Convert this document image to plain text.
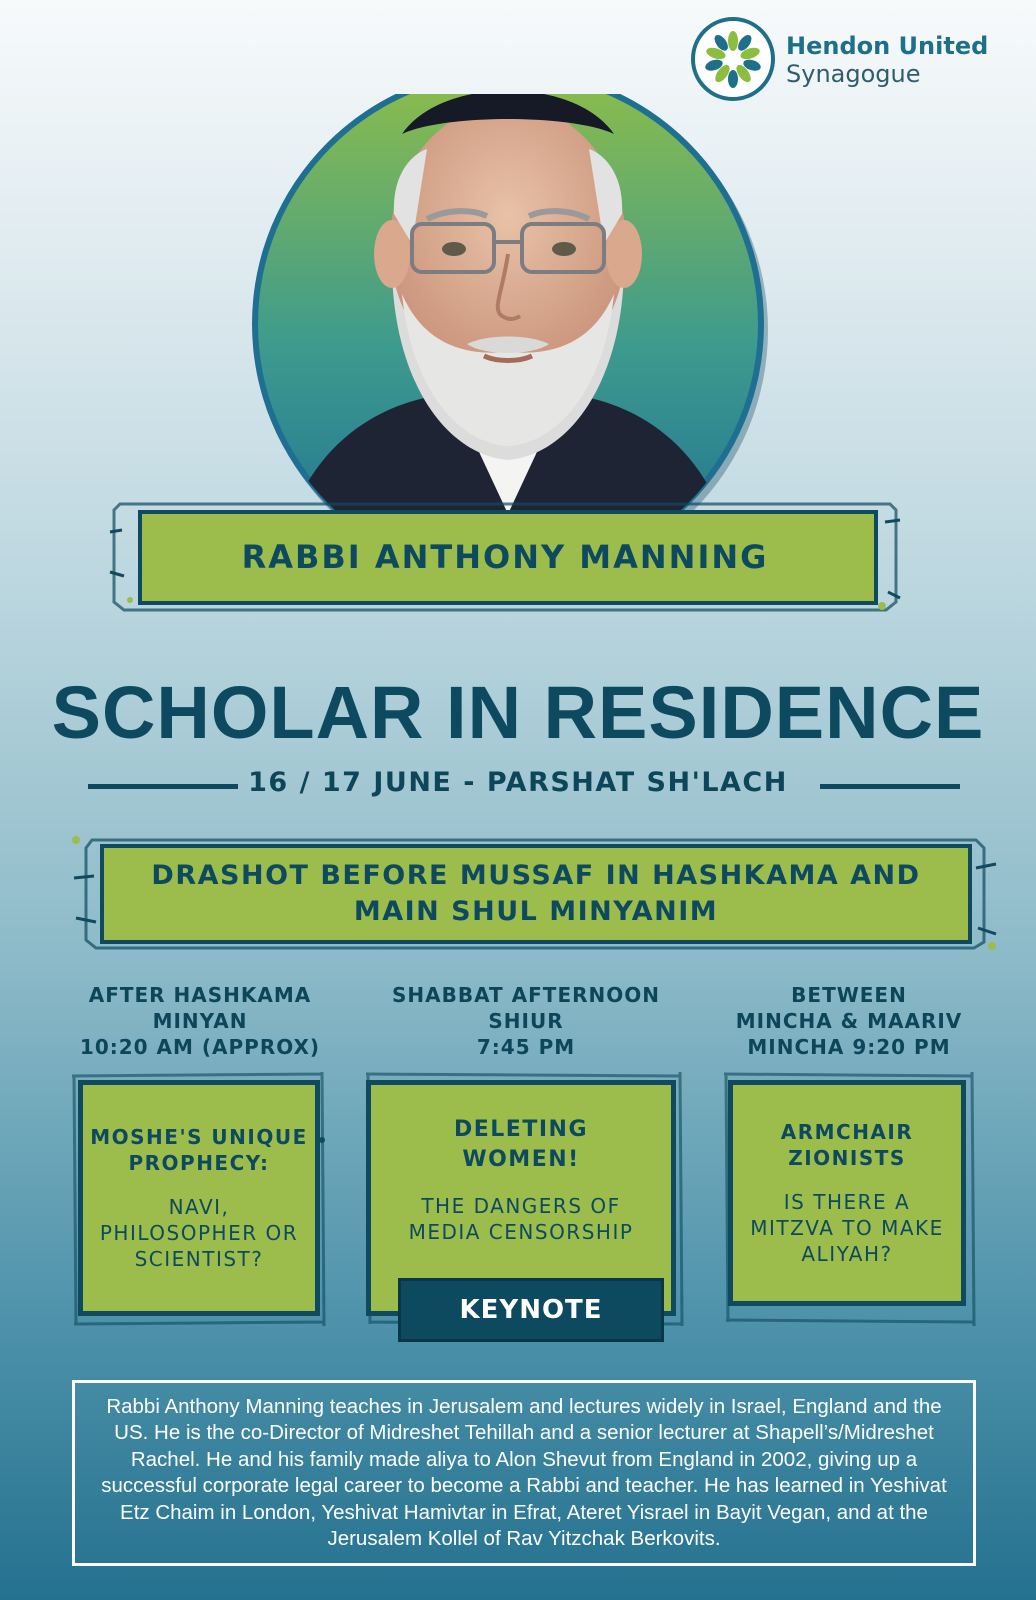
Hendon United
Synagogue
RABBI ANTHONY MANNING
SCHOLAR IN RESIDENCE
16 / 17 JUNE - PARSHAT SH'LACH
DRASHOT BEFORE MUSSAF IN HASHKAMA AND
MAIN SHUL MINYANIM
AFTER HASHKAMA
MINYAN
10:20 AM (APPROX)
SHABBAT AFTERNOON
SHIUR
7:45 PM
BETWEEN
MINCHA & MAARIV
MINCHA 9:20 PM
MOSHE'S UNIQUE
PROPHECY:
NAVI,
PHILOSOPHER OR
SCIENTIST?
DELETING
WOMEN!
THE DANGERS OF
MEDIA CENSORSHIP
KEYNOTE
ARMCHAIR
ZIONISTS
IS THERE A
MITZVA TO MAKE
ALIYAH?
Rabbi Anthony Manning teaches in Jerusalem and lectures widely in Israel, England and the US. He is the co-Director of Midreshet Tehillah and a senior lecturer at Shapell’s/Midreshet Rachel. He and his family made aliya to Alon Shevut from England in 2002, giving up a successful corporate legal career to become a Rabbi and teacher. He has learned in Yeshivat Etz Chaim in London, Yeshivat Hamivtar in Efrat, Ateret Yisrael in Bayit Vegan, and at the Jerusalem Kollel of Rav Yitzchak Berkovits.
